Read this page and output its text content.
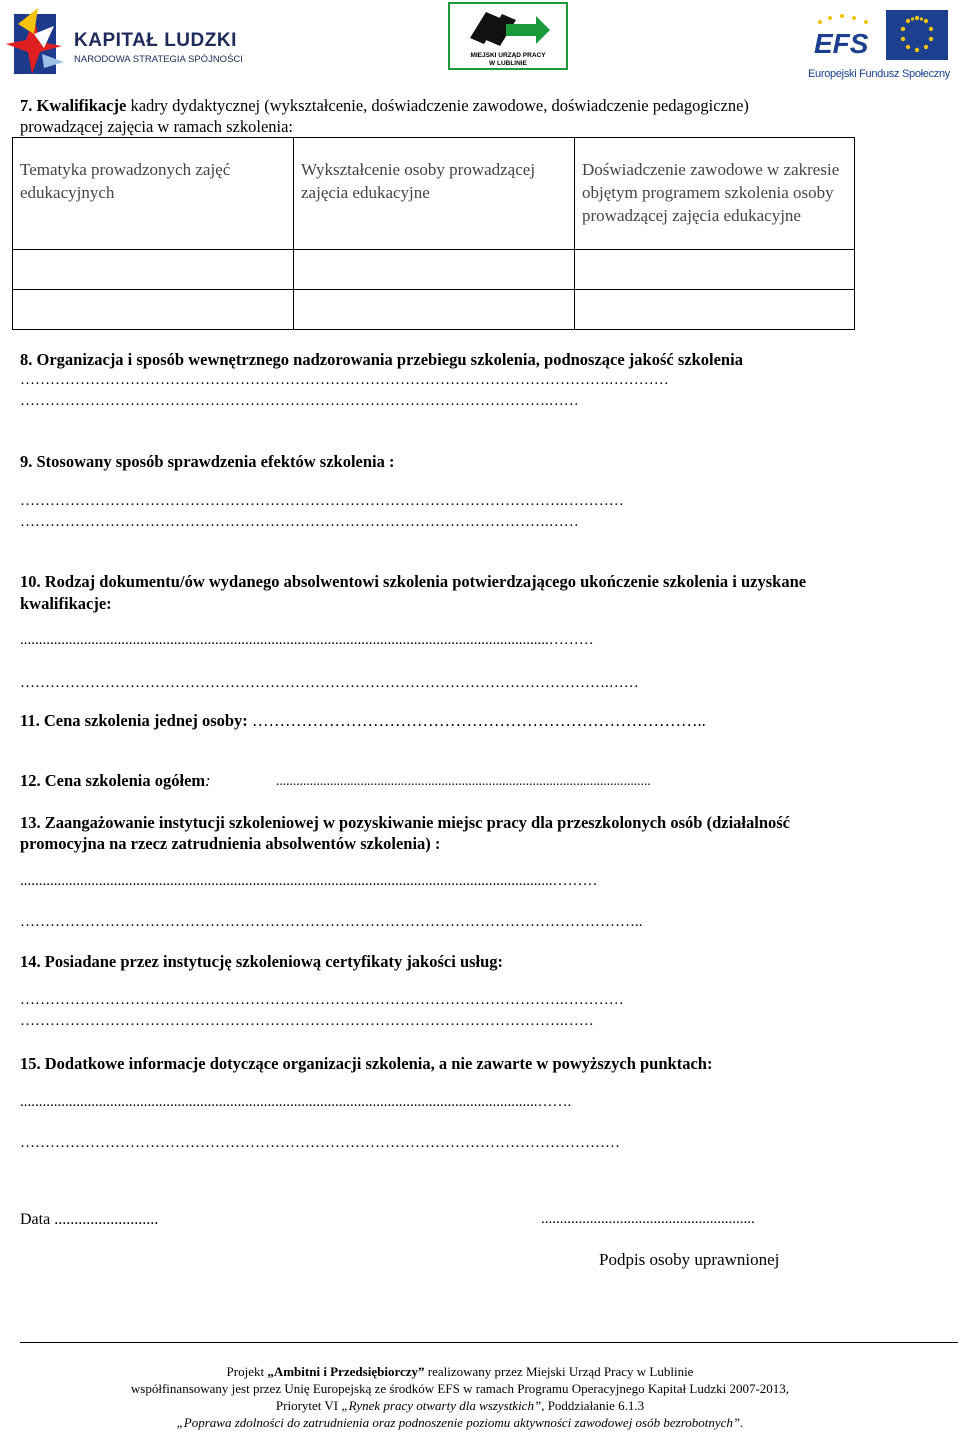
KAPITAŁ LUDZKI
NARODOWA STRATEGIA SPÓJNOŚCI	MIEJSKI URZĄD PRACY
W LUBLINIE
EFS
Europejski Fundusz Społeczny
7. Kwalifikacje kadry dydaktycznej (wykształcenie, doświadczenie zawodowe, doświadczenie pedagogiczne)
prowadzącej zajęcia w ramach szkolenia:
Tematyka prowadzonych zajęć edukacyjnych	Wykształcenie osoby prowadzącej zajęcia edukacyjne	Doświadczenie zawodowe w zakresie objętym programem szkolenia osoby prowadzącej zajęcia edukacyjne

8. Organizacja i sposób wewnętrznego nadzorowania przebiegu szkolenia, podnoszące jakość szkolenia
……………………………………………………………………………………………………….…………
…………………………………………………………………………………………….……
9. Stosowany sposób sprawdzenia efektów szkolenia :
……………………………………………………………………………………………….…………
…………………………………………………………………………………………….……
10. Rodzaj dokumentu/ów wydanego absolwentowi szkolenia potwierdzającego ukończenie szkolenia i uzyskane
kwalifikacje:
.............................................................................................................................................………
……………………………………………………………………………………………………….……
11. Cena szkolenia jednej osoby: ………………………………………………………………………..
12. Cena szkolenia ogółem:	...............................................................................................................
13. Zaangażowanie instytucji szkoleniowej w pozyskiwanie miejsc pracy dla przeszkolonych osób (działalność
promocyjna na rzecz zatrudnienia absolwentów szkolenia) :
..............................................................................................................................................………
……………………………………………………………………………………………………………..
14. Posiadane przez instytucję szkoleniową certyfikaty jakości usług:
……………………………………………………………………………………………….…………
……………………………………………………………………………………………….……
15. Dodatkowe informacje dotyczące organizacji szkolenia, a nie zawarte w powyższych punktach:
..........................................................................................................................................…….
…………………………………………………………………………………………………………
Data ..........................	.........................................................
Podpis osoby uprawnionej
Projekt „Ambitni i Przedsiębiorczy” realizowany przez Miejski Urząd Pracy w Lublinie
współfinansowany jest przez Unię Europejską ze środków EFS w ramach Programu Operacyjnego Kapitał Ludzki 2007-2013,
Priorytet VI „Rynek pracy otwarty dla wszystkich”, Poddziałanie 6.1.3
„Poprawa zdolności do zatrudnienia oraz podnoszenie poziomu aktywności zawodowej osób bezrobotnych”.
